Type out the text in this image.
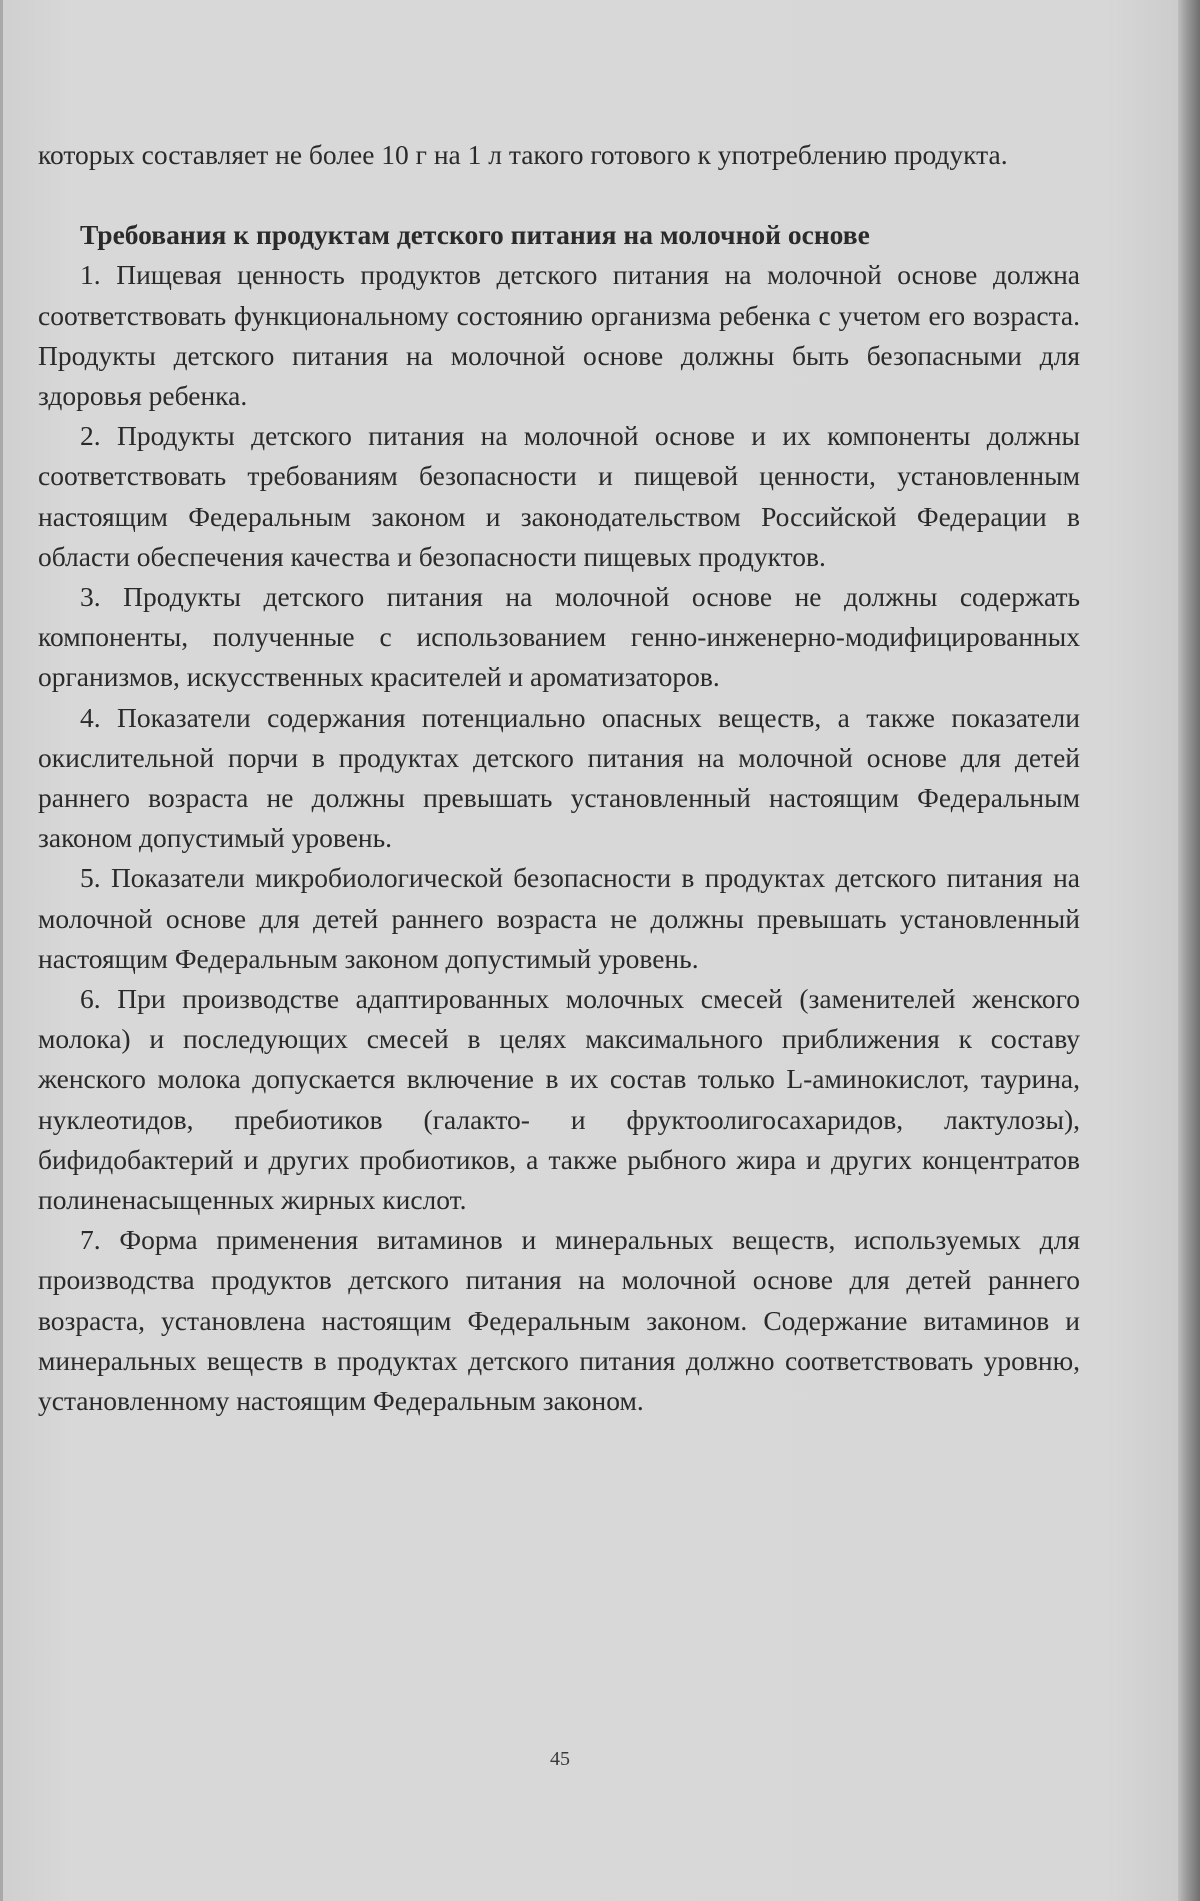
которых составляет не более 10 г на 1 л такого готового к употреблению продукта.

Требования к продуктам детского питания на молочной основе

1. Пищевая ценность продуктов детского питания на молочной основе должна соответствовать функциональному состоянию организма ребенка с учетом его возраста. Продукты детского питания на молочной основе должны быть безопасными для здоровья ребенка.

2. Продукты детского питания на молочной основе и их компоненты должны соответствовать требованиям безопасности и пищевой ценности, установленным настоящим Федеральным законом и законодательством Российской Федерации в области обеспечения качества и безопасности пищевых продуктов.

3. Продукты детского питания на молочной основе не должны содержать компоненты, полученные с использованием генно-инженерно-модифицированных организмов, искусственных красителей и ароматизаторов.

4. Показатели содержания потенциально опасных веществ, а также показатели окислительной порчи в продуктах детского питания на молочной основе для детей раннего возраста не должны превышать установленный настоящим Федеральным законом допустимый уровень.

5. Показатели микробиологической безопасности в продуктах детского питания на молочной основе для детей раннего возраста не должны превышать установленный настоящим Федеральным законом допустимый уровень.

6. При производстве адаптированных молочных смесей (заменителей женского молока) и последующих смесей в целях максимального приближения к составу женского молока допускается включение в их состав только L-аминокислот, таурина, нуклеотидов, пребиотиков (галакто- и фруктоолигосахаридов, лактулозы), бифидобактерий и других пробиотиков, а также рыбного жира и других концентратов полиненасыщенных жирных кислот.

7. Форма применения витаминов и минеральных веществ, используемых для производства продуктов детского питания на молочной основе для детей раннего возраста, установлена настоящим Федеральным законом. Содержание витаминов и минеральных веществ в продуктах детского питания должно соответствовать уровню, установленному настоящим Федеральным законом.

45
